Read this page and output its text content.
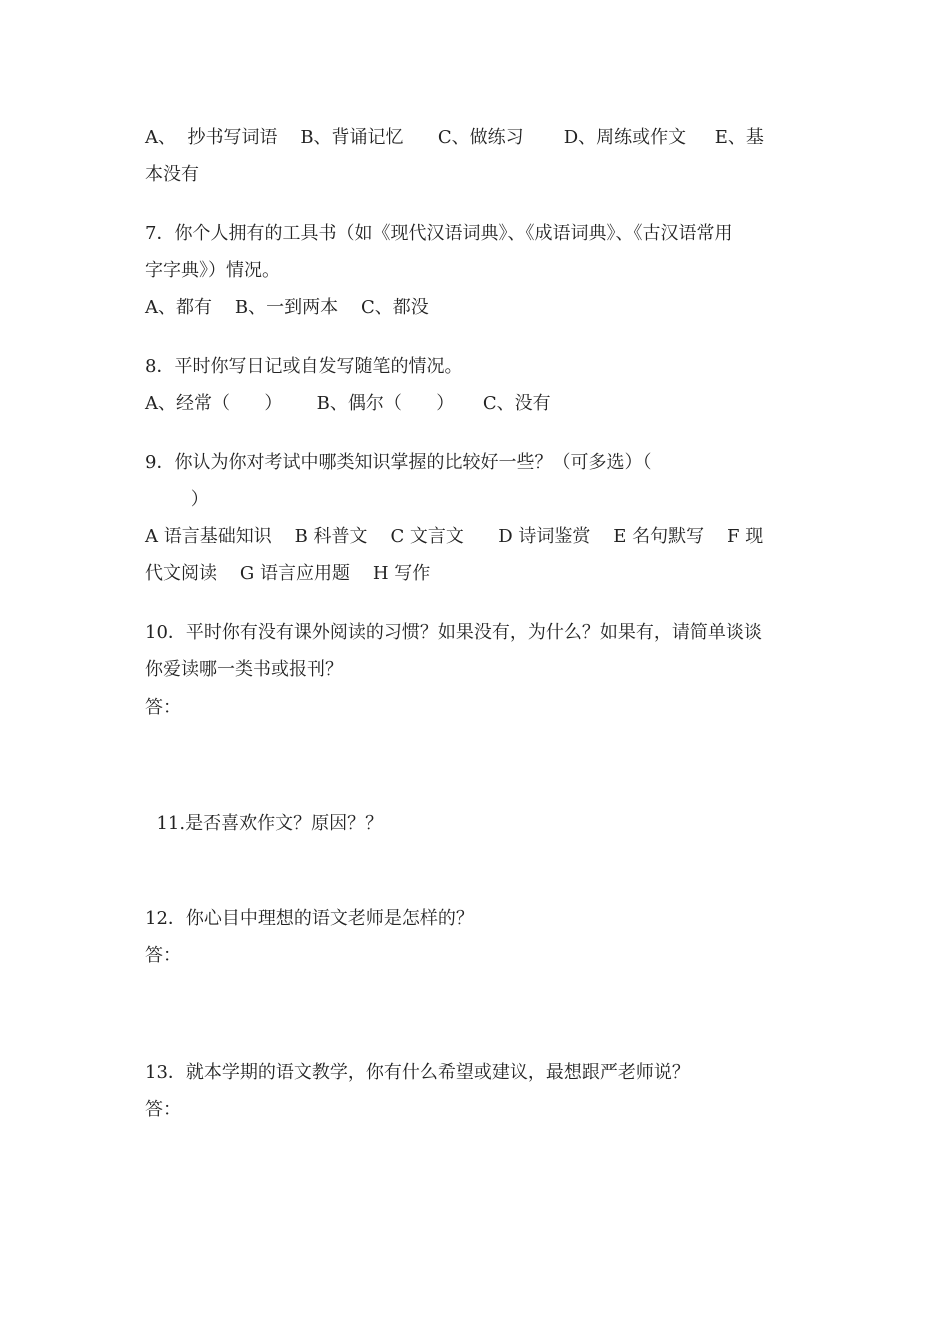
A、  抄书写词语    B、背诵记忆      C、做练习       D、周练或作文     E、基
本没有
7．你个人拥有的工具书（如《现代汉语词典》、《成语词典》、《古汉语常用
字字典》）情况。
A、都有    B、一到两本    C、都没
8．平时你写日记或自发写随笔的情况。
A、经常（      ）      B、偶尔（      ）     C、没有
9．你认为你对考试中哪类知识掌握的比较好一些？（可多选）（
）
A 语言基础知识    B 科普文    C 文言文      D 诗词鉴赏    E 名句默写    F 现
代文阅读    G 语言应用题    H 写作
10．平时你有没有课外阅读的习惯？如果没有，为什么？如果有，请简单谈谈
你爱读哪一类书或报刊？
答：
11.是否喜欢作文？原因？？
12．你心目中理想的语文老师是怎样的？
答：
13．就本学期的语文教学，你有什么希望或建议，最想跟严老师说？
答：
